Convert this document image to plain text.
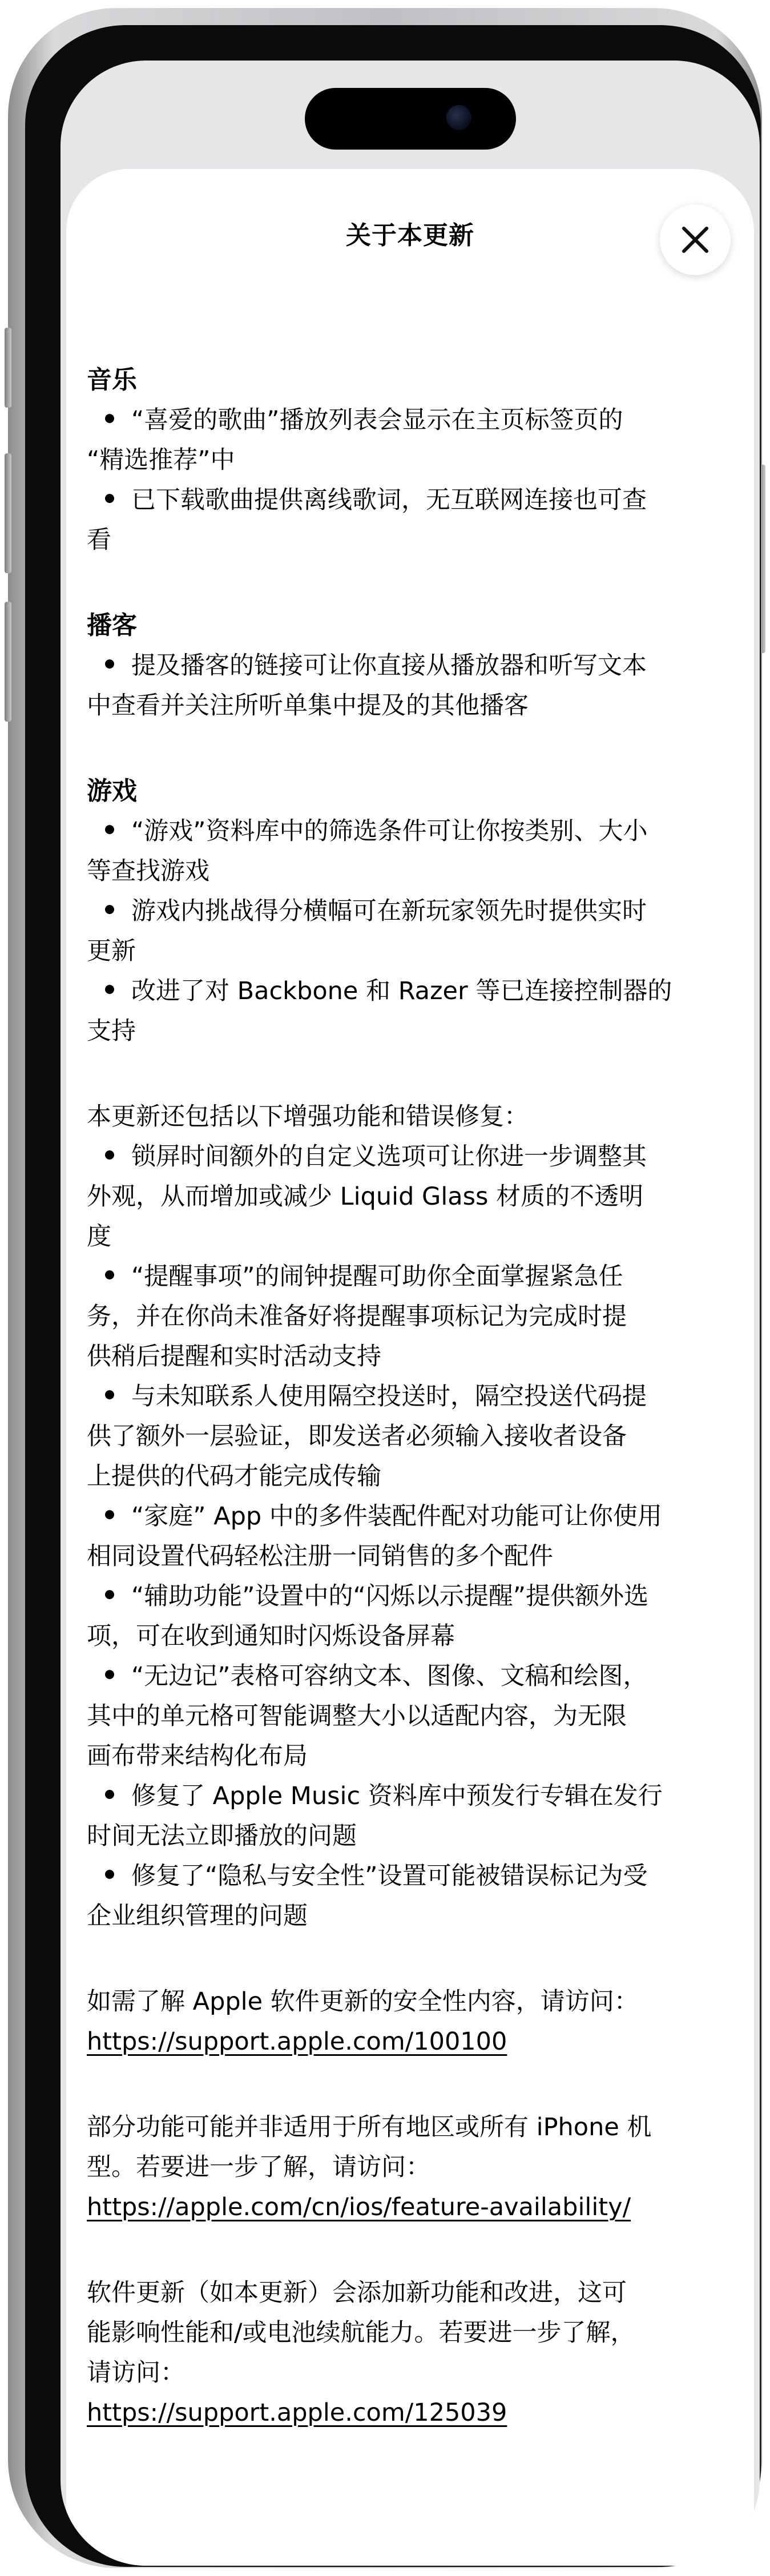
关于本更新
音乐
“喜爱的歌曲”播放列表会显示在主页标签页的
“精选推荐”中
已下载歌曲提供离线歌词，无互联网连接也可查
看
播客
提及播客的链接可让你直接从播放器和听写文本
中查看并关注所听单集中提及的其他播客
游戏
“游戏”资料库中的筛选条件可让你按类别、大小
等查找游戏
游戏内挑战得分横幅可在新玩家领先时提供实时
更新
改进了对 Backbone 和 Razer 等已连接控制器的
支持
本更新还包括以下增强功能和错误修复：
锁屏时间额外的自定义选项可让你进一步调整其
外观，从而增加或减少 Liquid Glass 材质的不透明
度
“提醒事项”的闹钟提醒可助你全面掌握紧急任
务，并在你尚未准备好将提醒事项标记为完成时提
供稍后提醒和实时活动支持
与未知联系人使用隔空投送时，隔空投送代码提
供了额外一层验证，即发送者必须输入接收者设备
上提供的代码才能完成传输
“家庭” App 中的多件装配件配对功能可让你使用
相同设置代码轻松注册一同销售的多个配件
“辅助功能”设置中的“闪烁以示提醒”提供额外选
项，可在收到通知时闪烁设备屏幕
“无边记”表格可容纳文本、图像、文稿和绘图，
其中的单元格可智能调整大小以适配内容，为无限
画布带来结构化布局
修复了 Apple Music 资料库中预发行专辑在发行
时间无法立即播放的问题
修复了“隐私与安全性”设置可能被错误标记为受
企业组织管理的问题
如需了解 Apple 软件更新的安全性内容，请访问：
https://support.apple.com/100100
部分功能可能并非适用于所有地区或所有 iPhone 机
型。若要进一步了解，请访问：
https://apple.com/cn/ios/feature-availability/
软件更新（如本更新）会添加新功能和改进，这可
能影响性能和/或电池续航能力。若要进一步了解，
请访问：
https://support.apple.com/125039
